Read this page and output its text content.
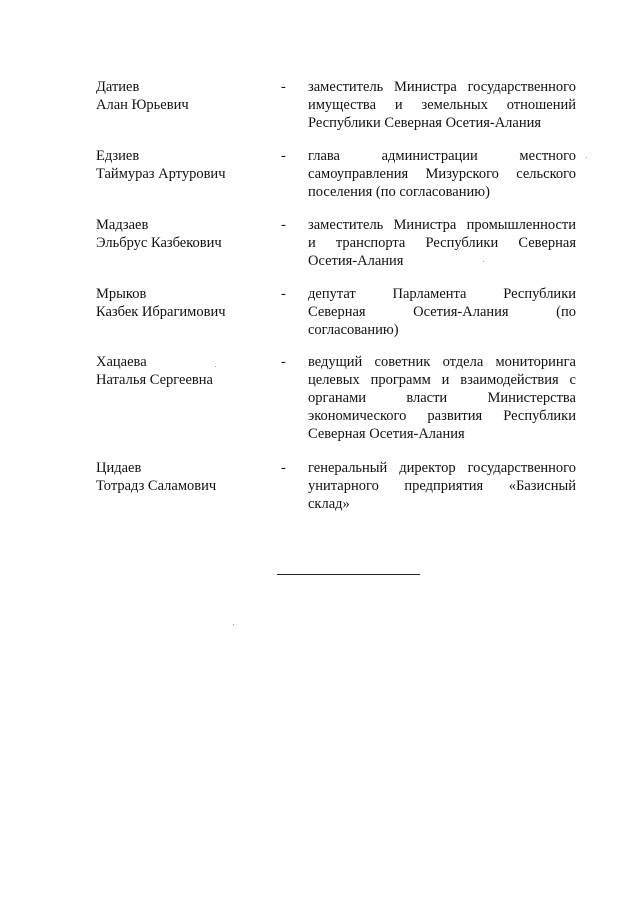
Датиев
Алан Юрьевич
-	заместитель Министра государственного
имущества и земельных отношений
Республики Северная Осетия-Алания
Едзиев
Таймураз Артурович
-	глава администрации местного
самоуправления Мизурского сельского
поселения (по согласованию)
Мадзаев
Эльбрус Казбекович
-	заместитель Министра промышленности
и транспорта Республики Северная
Осетия-Алания
Мрыков
Казбек Ибрагимович
-	депутат Парламента Республики
Северная Осетия-Алания (по
согласованию)
Хацаева
Наталья Сергеевна
-	ведущий советник отдела мониторинга
целевых программ и взаимодействия с
органами власти Министерства
экономического развития Республики
Северная Осетия-Алания
Цидаев
Тотрадз Саламович
-	генеральный директор государственного
унитарного предприятия «Базисный
склад»
